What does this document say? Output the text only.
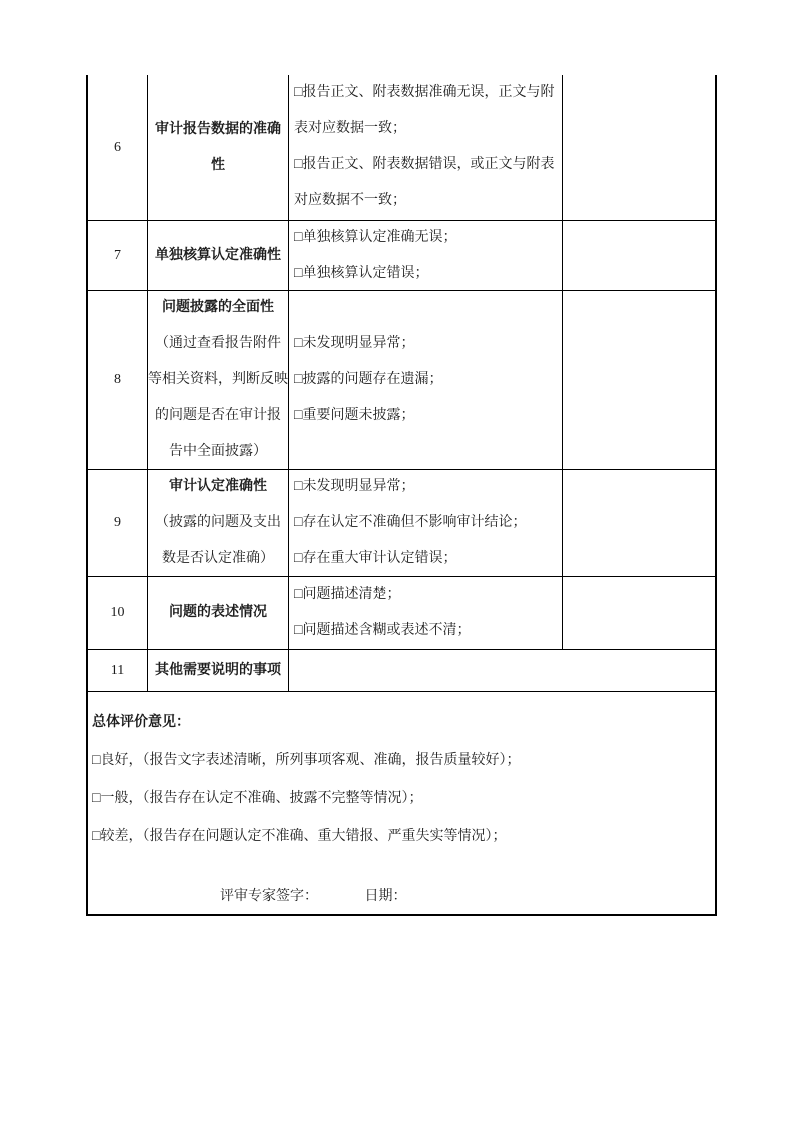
6
审计报告数据的准确
性
□报告正文、附表数据准确无误，正文与附
表对应数据一致；
□报告正文、附表数据错误，或正文与附表
对应数据不一致；
7 单独核算认定准确性
□单独核算认定准确无误；
□单独核算认定错误；
8
问题披露的全面性
（通过查看报告附件
等相关资料，判断反映
的问题是否在审计报
告中全面披露）
□未发现明显异常；
□披露的问题存在遗漏；
□重要问题未披露；
9
审计认定准确性
（披露的问题及支出
数是否认定准确）
□未发现明显异常；
□存在认定不准确但不影响审计结论；
□存在重大审计认定错误；
10	问题的表述情况
□问题描述清楚；
□问题描述含糊或表述不清；
11 其他需要说明的事项
总体评价意见：
□良好，（报告文字表述清晰，所列事项客观、准确，报告质量较好）；
□一般，（报告存在认定不准确、披露不完整等情况）；
□较差，（报告存在问题认定不准确、重大错报、严重失实等情况）；
评审专家签字：	日期：
